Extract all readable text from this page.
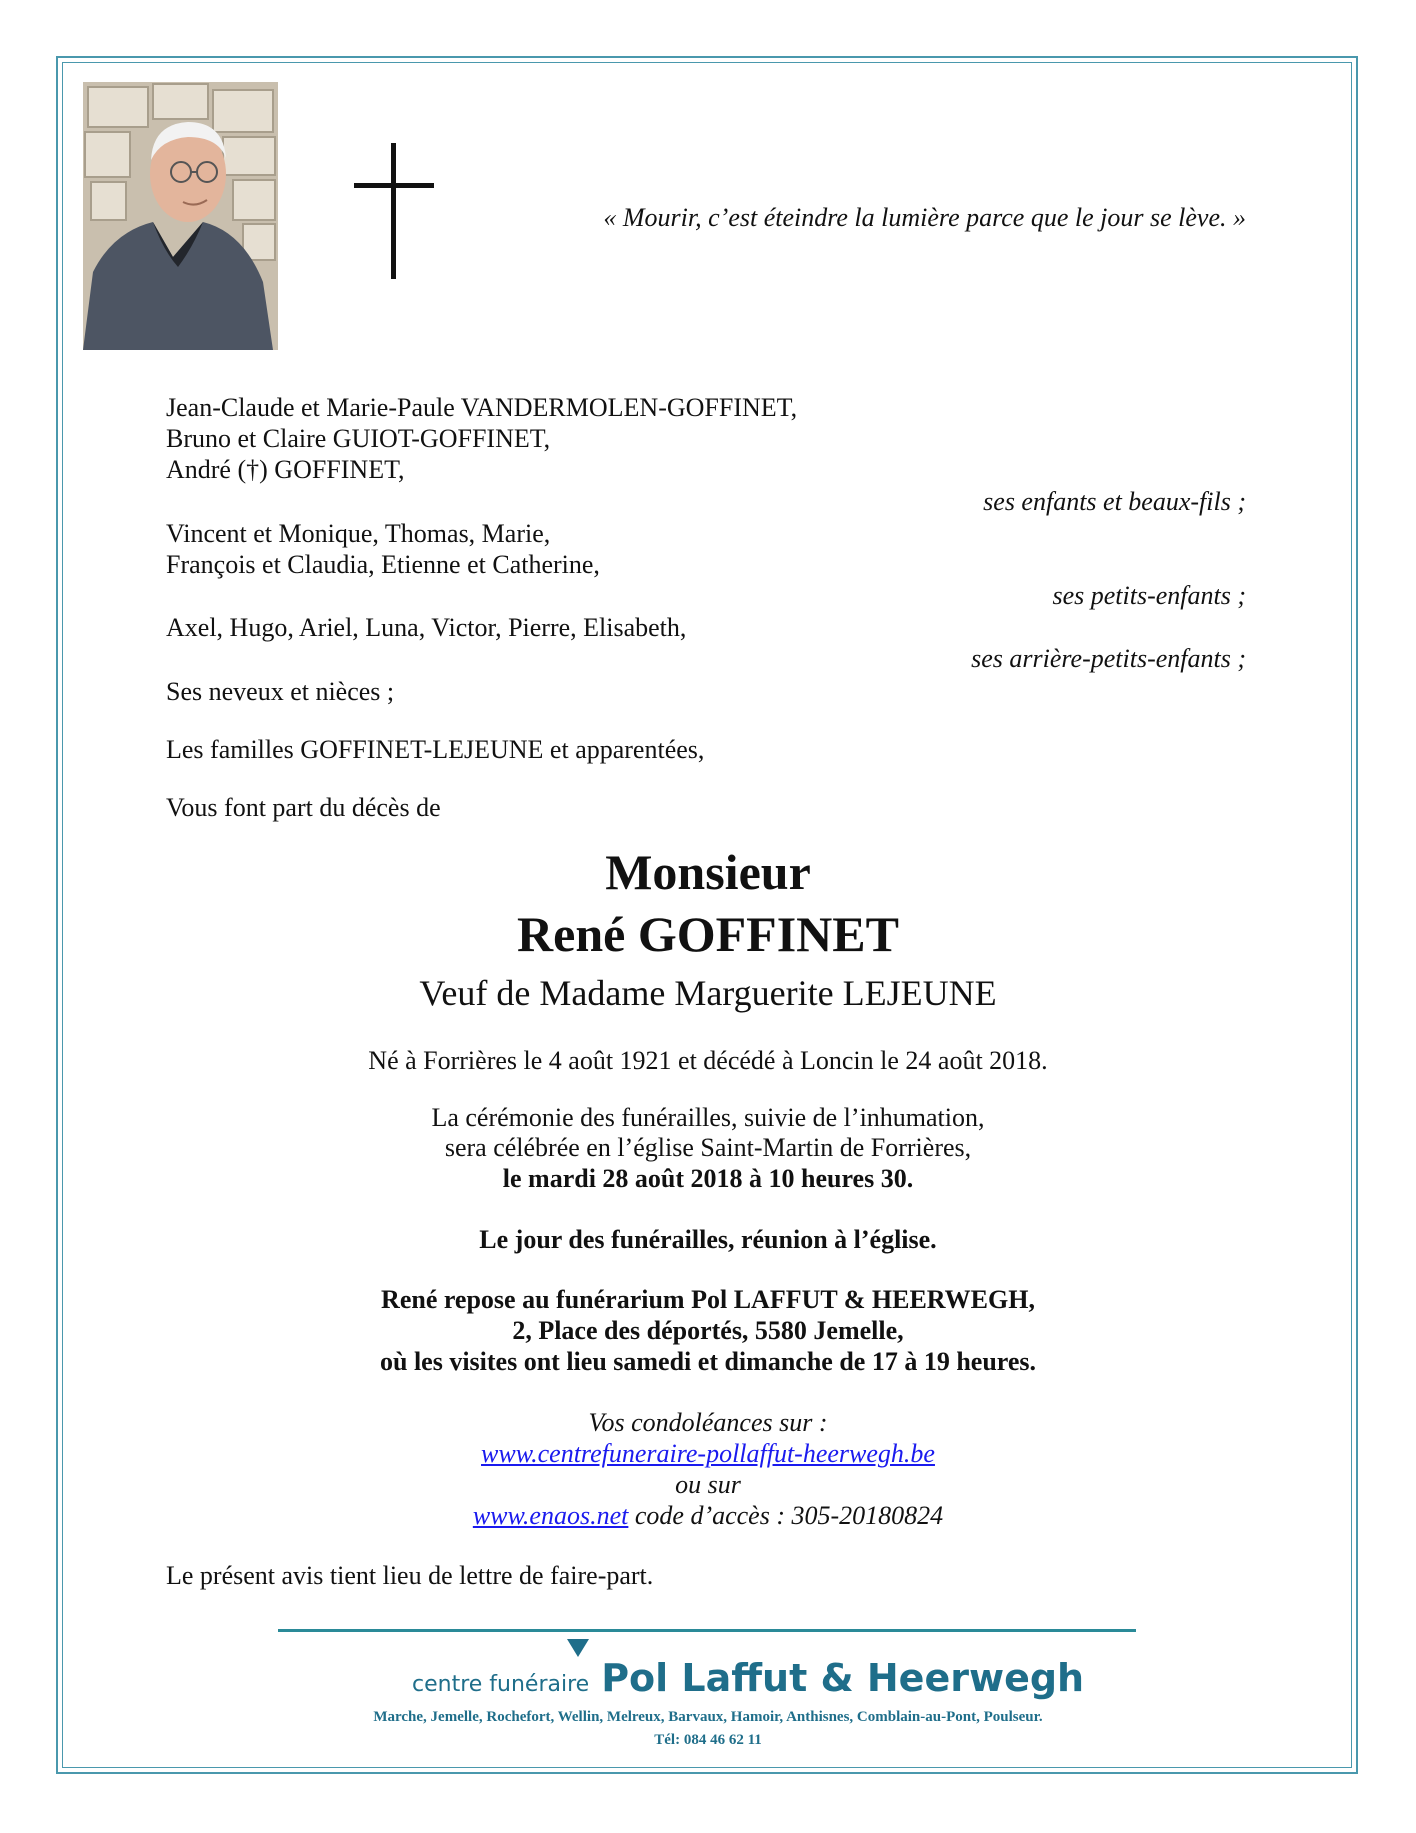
« Mourir, c’est éteindre la lumière parce que le jour se lève. »
Jean-Claude et Marie-Paule VANDERMOLEN-GOFFINET,
Bruno et Claire GUIOT-GOFFINET,
André (†) GOFFINET,
ses enfants et beaux-fils ;
Vincent et Monique, Thomas, Marie,
François et Claudia, Etienne et Catherine,
ses petits-enfants ;
Axel, Hugo, Ariel, Luna, Victor, Pierre, Elisabeth,
ses arrière-petits-enfants ;
Ses neveux et nièces ;
Les familles GOFFINET-LEJEUNE et apparentées,
Vous font part du décès de
Monsieur
René GOFFINET
Veuf de Madame Marguerite LEJEUNE
Né à Forrières le 4 août 1921 et décédé à Loncin le 24 août 2018.
La cérémonie des funérailles, suivie de l’inhumation,
sera célébrée en l’église Saint-Martin de Forrières,
le mardi 28 août 2018 à 10 heures 30.
Le jour des funérailles, réunion à l’église.
René repose au funérarium Pol LAFFUT & HEERWEGH,
2, Place des déportés, 5580 Jemelle,
où les visites ont lieu samedi et dimanche de 17 à 19 heures.
Vos condoléances sur :
www.centrefuneraire-pollaffut-heerwegh.be
ou sur
www.enaos.net code d’accès : 305-20180824
Le présent avis tient lieu de lettre de faire-part.
centre funéraire Pol Laffut & Heerwegh
Marche, Jemelle, Rochefort, Wellin, Melreux, Barvaux, Hamoir, Anthisnes, Comblain-au-Pont, Poulseur.
Tél: 084 46 62 11
